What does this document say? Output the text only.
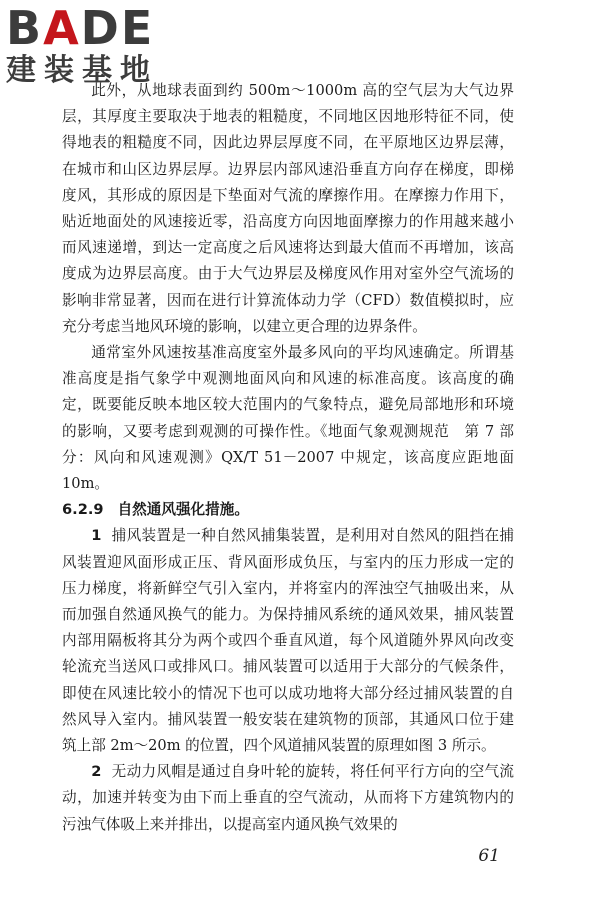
B A DE
建装基地

此外，从地球表面到约 500m～1000m 高的空气层为大气边界层，其厚度主要取决于地表的粗糙度，不同地区因地形特征不同，使得地表的粗糙度不同，因此边界层厚度不同，在平原地区边界层薄，在城市和山区边界层厚。边界层内部风速沿垂直方向存在梯度，即梯度风，其形成的原因是下垫面对气流的摩擦作用。在摩擦力作用下，贴近地面处的风速接近零，沿高度方向因地面摩擦力的作用越来越小而风速递增，到达一定高度之后风速将达到最大值而不再增加，该高度成为边界层高度。由于大气边界层及梯度风作用对室外空气流场的影响非常显著，因而在进行计算流体动力学（CFD）数值模拟时，应充分考虑当地风环境的影响，以建立更合理的边界条件。

通常室外风速按基准高度室外最多风向的平均风速确定。所谓基准高度是指气象学中观测地面风向和风速的标准高度。该高度的确定，既要能反映本地区较大范围内的气象特点，避免局部地形和环境的影响，又要考虑到观测的可操作性。《地面气象观测规范　第 7 部分：风向和风速观测》QX/T 51－2007 中规定，该高度应距地面 10m。

6.2.9 自然通风强化措施。

1 捕风装置是一种自然风捕集装置，是利用对自然风的阻挡在捕风装置迎风面形成正压、背风面形成负压，与室内的压力形成一定的压力梯度，将新鲜空气引入室内，并将室内的浑浊空气抽吸出来，从而加强自然通风换气的能力。为保持捕风系统的通风效果，捕风装置内部用隔板将其分为两个或四个垂直风道，每个风道随外界风向改变轮流充当送风口或排风口。捕风装置可以适用于大部分的气候条件，即使在风速比较小的情况下也可以成功地将大部分经过捕风装置的自然风导入室内。捕风装置一般安装在建筑物的顶部，其通风口位于建筑上部 2m～20m 的位置，四个风道捕风装置的原理如图 3 所示。

2 无动力风帽是通过自身叶轮的旋转，将任何平行方向的空气流动，加速并转变为由下而上垂直的空气流动，从而将下方建筑物内的污浊气体吸上来并排出，以提高室内通风换气效果的

61
